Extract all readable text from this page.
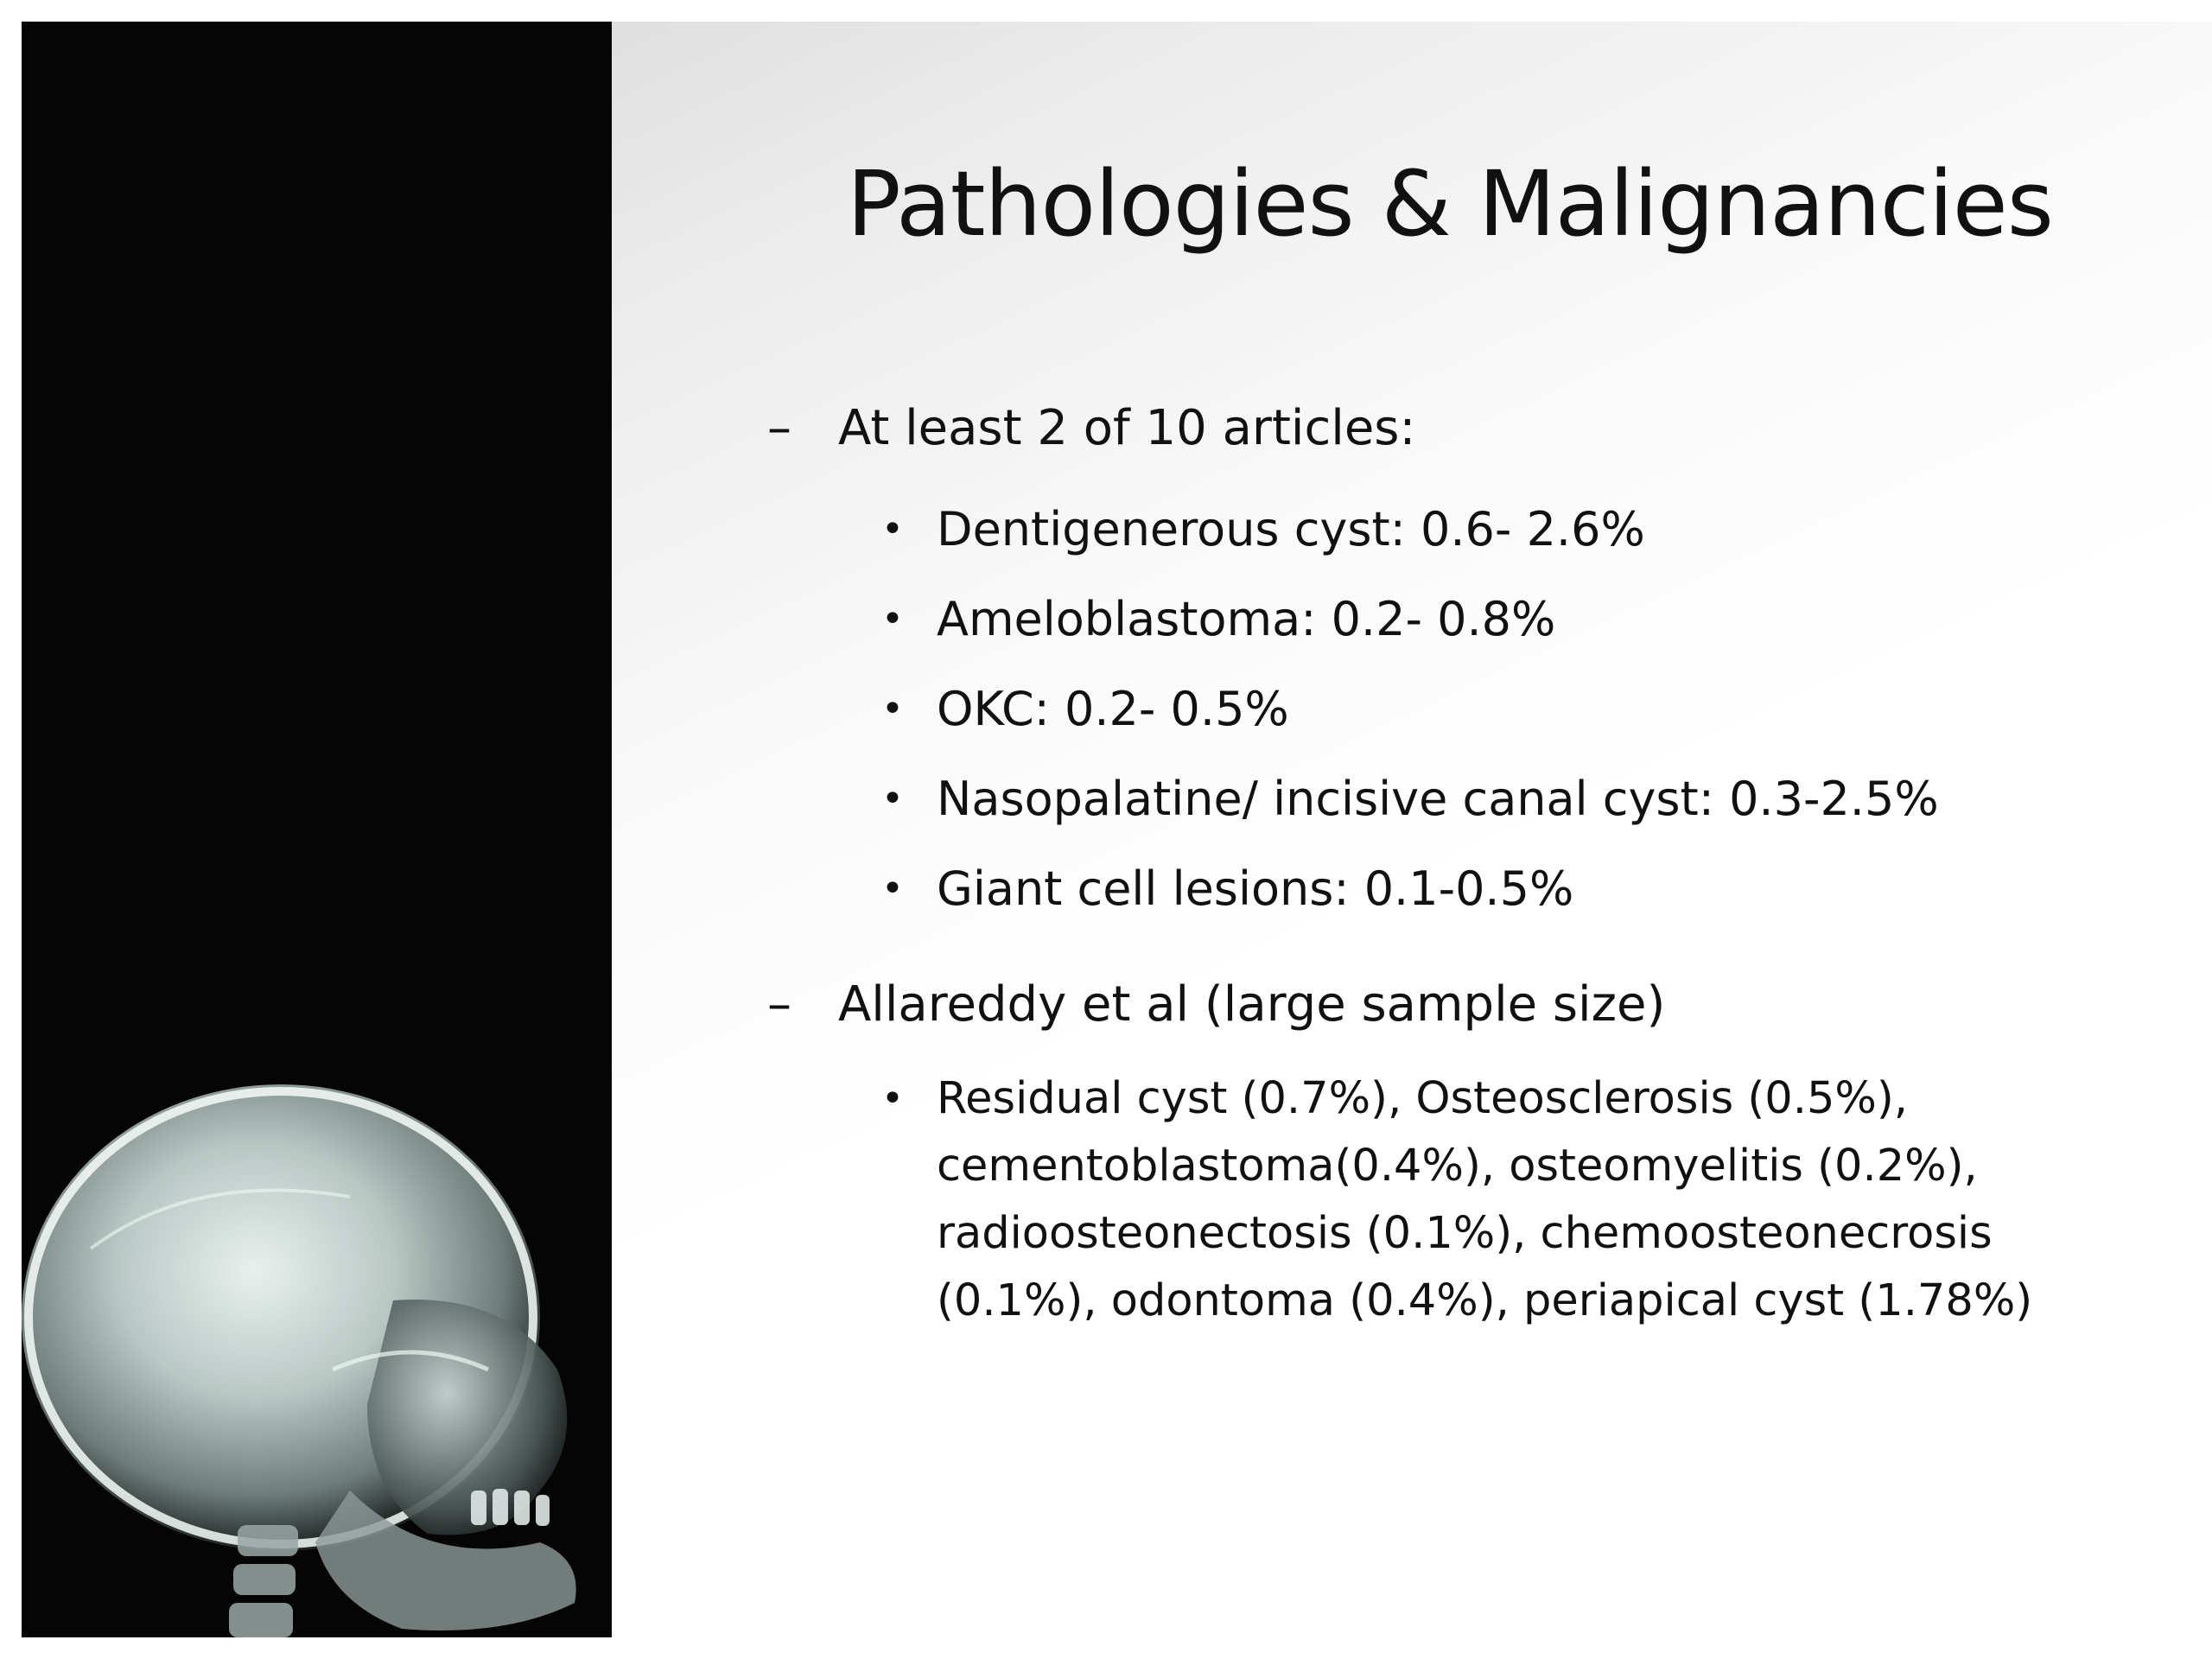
Pathologies & Malignancies
– At least 2 of 10 articles:
• Dentigenerous cyst: 0.6- 2.6%
• Ameloblastoma: 0.2- 0.8%
• OKC: 0.2- 0.5%
• Nasopalatine/ incisive canal cyst: 0.3-2.5%
• Giant cell lesions: 0.1-0.5%
– Allareddy et al (large sample size)
• Residual cyst (0.7%), Osteosclerosis (0.5%),
cementoblastoma(0.4%), osteomyelitis (0.2%),
radioosteonectosis (0.1%), chemoosteonecrosis
(0.1%), odontoma (0.4%), periapical cyst (1.78%)
